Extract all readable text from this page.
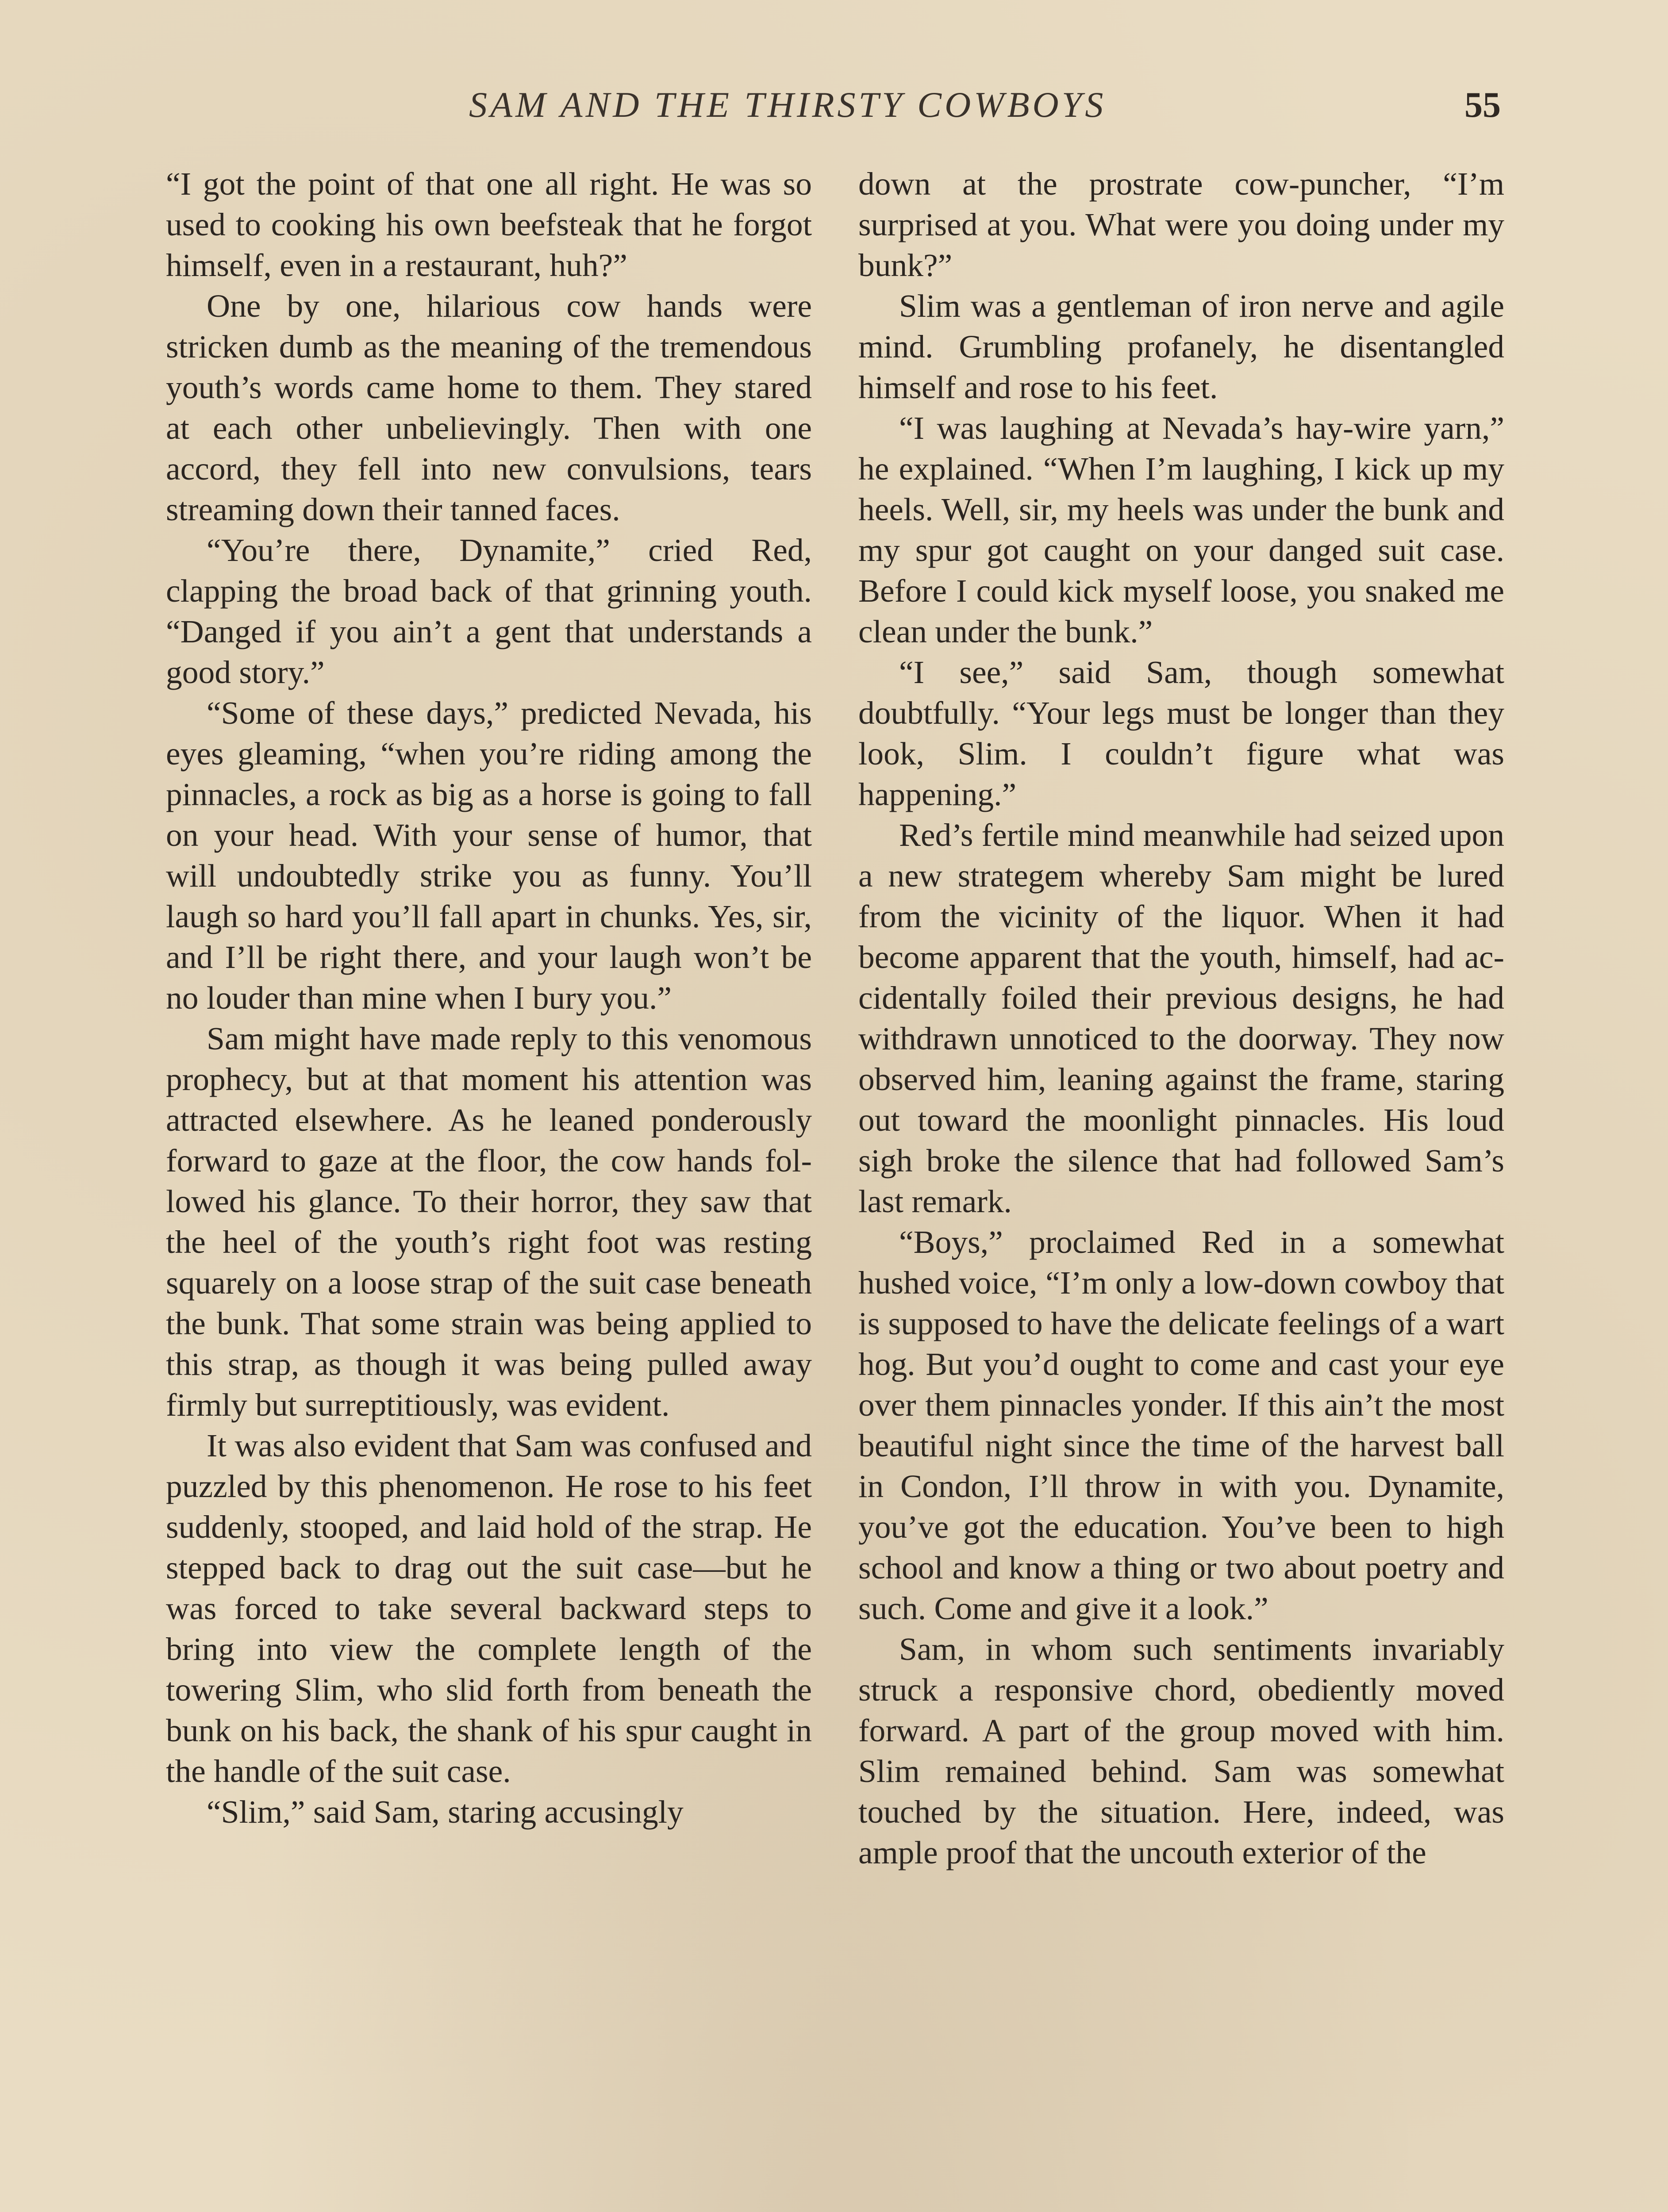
SAM AND THE THIRSTY COWBOYS	55

“I got the point of that one all right. He was so used to cooking his own beefsteak that he forgot himself, even in a restaurant, huh?”

One by one, hilarious cow hands were stricken dumb as the meaning of the tremendous youth’s words came home to them. They stared at each other unbelievingly. Then with one accord, they fell into new convulsions, tears streaming down their tanned faces.

“You’re there, Dynamite,” cried Red, clapping the broad back of that grinning youth. “Danged if you ain’t a gent that understands a good story.”

“Some of these days,” predicted Nevada, his eyes gleaming, “when you’re riding among the pinnacles, a rock as big as a horse is going to fall on your head. With your sense of humor, that will undoubtedly strike you as funny. You’ll laugh so hard you’ll fall apart in chunks. Yes, sir, and I’ll be right there, and your laugh won’t be no louder than mine when I bury you.”

Sam might have made reply to this venomous prophecy, but at that moment his attention was attracted elsewhere. As he leaned ponderously forward to gaze at the floor, the cow hands followed his glance. To their horror, they saw that the heel of the youth’s right foot was resting squarely on a loose strap of the suit case beneath the bunk. That some strain was being applied to this strap, as though it was being pulled away firmly but surreptitiously, was evident.

It was also evident that Sam was confused and puzzled by this phenomenon. He rose to his feet suddenly, stooped, and laid hold of the strap. He stepped back to drag out the suit case—but he was forced to take several backward steps to bring into view the complete length of the towering Slim, who slid forth from beneath the bunk on his back, the shank of his spur caught in the handle of the suit case.

“Slim,” said Sam, staring accusingly

down at the prostrate cow-puncher, “I’m surprised at you. What were you doing under my bunk?”

Slim was a gentleman of iron nerve and agile mind. Grumbling profanely, he disentangled himself and rose to his feet.

“I was laughing at Nevada’s hay-wire yarn,” he explained. “When I’m laughing, I kick up my heels. Well, sir, my heels was under the bunk and my spur got caught on your danged suit case. Before I could kick myself loose, you snaked me clean under the bunk.”

“I see,” said Sam, though somewhat doubtfully. “Your legs must be longer than they look, Slim. I couldn’t figure what was happening.”

Red’s fertile mind meanwhile had seized upon a new strategem whereby Sam might be lured from the vicinity of the liquor. When it had become apparent that the youth, himself, had accidentally foiled their previous designs, he had withdrawn unnoticed to the doorway. They now observed him, leaning against the frame, staring out toward the moonlight pinnacles. His loud sigh broke the silence that had followed Sam’s last remark.

“Boys,” proclaimed Red in a somewhat hushed voice, “I’m only a low-down cowboy that is supposed to have the delicate feelings of a wart hog. But you’d ought to come and cast your eye over them pinnacles yonder. If this ain’t the most beautiful night since the time of the harvest ball in Condon, I’ll throw in with you. Dynamite, you’ve got the education. You’ve been to high school and know a thing or two about poetry and such. Come and give it a look.”

Sam, in whom such sentiments invariably struck a responsive chord, obediently moved forward. A part of the group moved with him. Slim remained behind. Sam was somewhat touched by the situation. Here, indeed, was ample proof that the uncouth exterior of the
